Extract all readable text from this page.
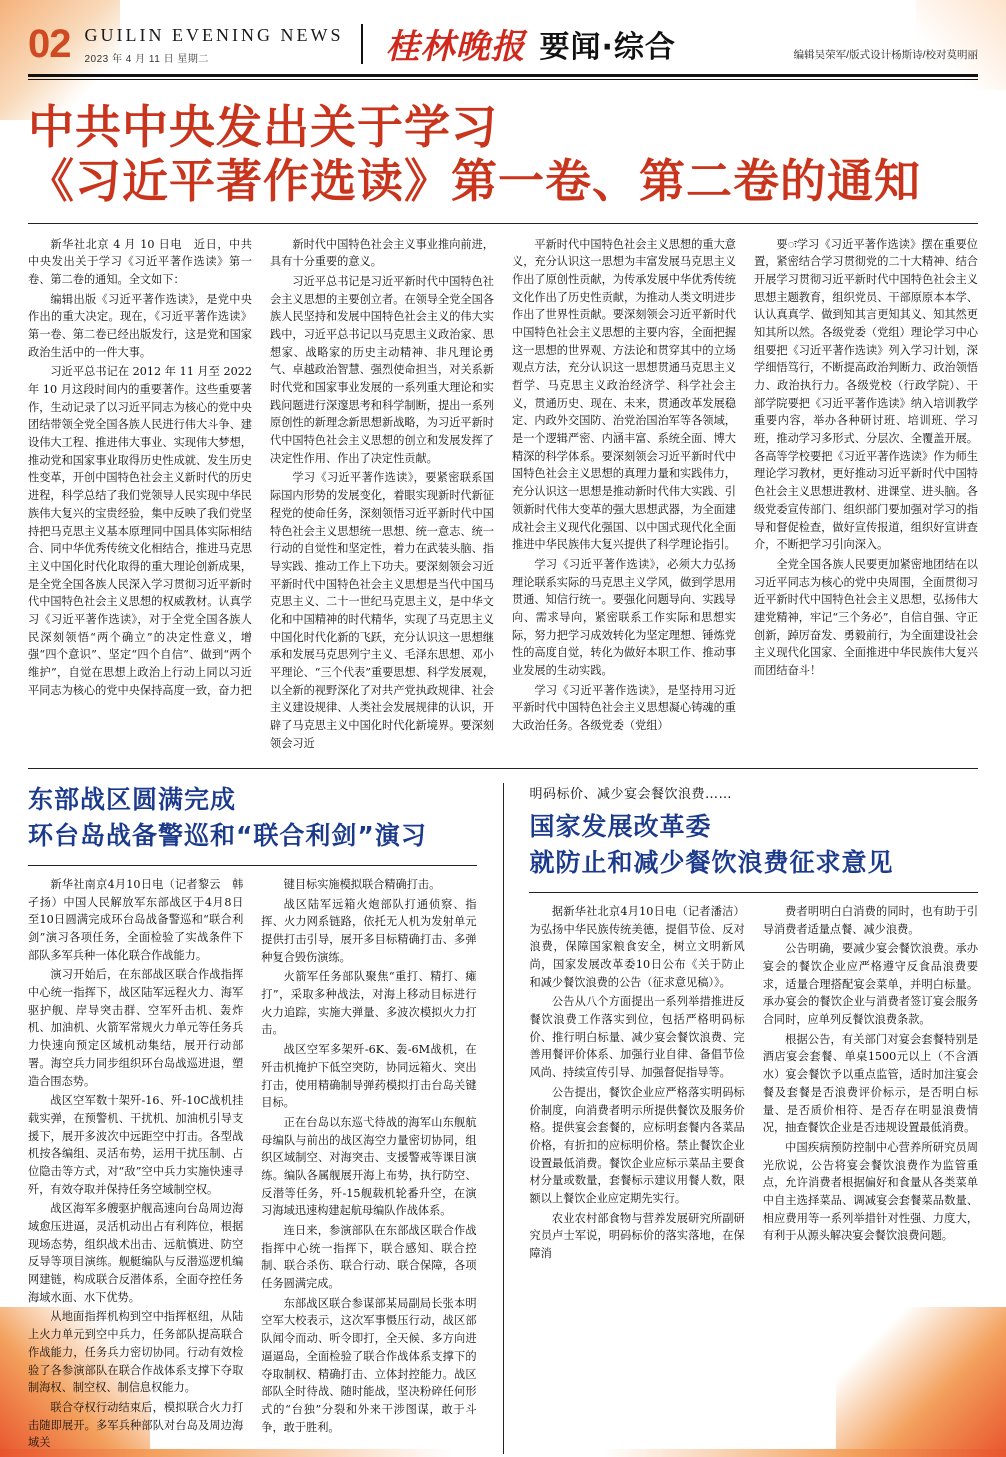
02 GUILIN EVENING NEWS
2023 年 4 月 11 日 星期二	桂林晚报 要闻·综合	编辑吴荣军/版式设计杨斯诗/校对莫明丽
中共中央发出关于学习
《习近平著作选读》第一卷、第二卷的通知

新华社北京 4 月 10 日电　近日，中共中央发出关于学习《习近平著作选读》第一卷、第二卷的通知。全文如下：

编辑出版《习近平著作选读》，是党中央作出的重大决定。现在，《习近平著作选读》第一卷、第二卷已经出版发行，这是党和国家政治生活中的一件大事。

习近平总书记在 2012 年 11 月至 2022 年 10 月这段时间内的重要著作。这些重要著作，生动记录了以习近平同志为核心的党中央团结带领全党全国各族人民进行伟大斗争、建设伟大工程、推进伟大事业、实现伟大梦想，推动党和国家事业取得历史性成就、发生历史性变革，开创中国特色社会主义新时代的历史进程，科学总结了我们党领导人民实现中华民族伟大复兴的宝贵经验，集中反映了我们党坚持把马克思主义基本原理同中国具体实际相结合、同中华优秀传统文化相结合，推进马克思主义中国化时代化取得的重大理论创新成果，是全党全国各族人民深入学习贯彻习近平新时代中国特色社会主义思想的权威教材。认真学习《习近平著作选读》，对于全党全国各族人民深刻领悟“两个确立”的决定性意义，增强“四个意识”、坚定“四个自信”、做到“两个维护”，自觉在思想上政治上行动上同以习近平同志为核心的党中央保持高度一致，奋力把

新时代中国特色社会主义事业推向前进，具有十分重要的意义。

习近平总书记是习近平新时代中国特色社会主义思想的主要创立者。在领导全党全国各族人民坚持和发展中国特色社会主义的伟大实践中，习近平总书记以马克思主义政治家、思想家、战略家的历史主动精神、非凡理论勇气、卓越政治智慧、强烈使命担当，对关系新时代党和国家事业发展的一系列重大理论和实践问题进行深邃思考和科学制断，提出一系列原创性的新理念新思想新战略，为习近平新时代中国特色社会主义思想的创立和发展发挥了决定性作用、作出了决定性贡献。

学习《习近平著作选读》，要紧密联系国际国内形势的发展变化，着眼实现新时代新征程党的使命任务，深刻领悟习近平新时代中国特色社会主义思想统一思想、统一意志、统一行动的自觉性和坚定性，着力在武装头脑、指导实践、推动工作上下功夫。要深刻领会习近平新时代中国特色社会主义思想是当代中国马克思主义、二十一世纪马克思主义，是中华文化和中国精神的时代精华，实现了马克思主义中国化时代化新的飞跃，充分认识这一思想继承和发展马克思列宁主义、毛泽东思想、邓小平理论、“三个代表”重要思想、科学发展观，以全新的视野深化了对共产党执政规律、社会主义建设规律、人类社会发展规律的认识，开辟了马克思主义中国化时代化新境界。要深刻领会习近

平新时代中国特色社会主义思想的重大意义，充分认识这一思想为丰富发展马克思主义作出了原创性贡献，为传承发展中华优秀传统文化作出了历史性贡献，为推动人类文明进步作出了世界性贡献。要深刻领会习近平新时代中国特色社会主义思想的主要内容，全面把握这一思想的世界观、方法论和贯穿其中的立场观点方法，充分认识这一思想贯通马克思主义哲学、马克思主义政治经济学、科学社会主义，贯通历史、现在、未来，贯通改革发展稳定、内政外交国防、治党治国治军等各领域，是一个逻辑严密、内涵丰富、系统全面、博大精深的科学体系。要深刻领会习近平新时代中国特色社会主义思想的真理力量和实践伟力，充分认识这一思想是推动新时代伟大实践、引领新时代伟大变革的强大思想武器，为全面建成社会主义现代化强国、以中国式现代化全面推进中华民族伟大复兴提供了科学理论指引。

学习《习近平著作选读》，必须大力弘扬理论联系实际的马克思主义学风，做到学思用贯通、知信行统一。要强化问题导向、实践导向、需求导向，紧密联系工作实际和思想实际，努力把学习成效转化为坚定理想、锤炼党性的高度自觉，转化为做好本职工作、推动事业发展的生动实践。

学习《习近平著作选读》，是坚持用习近平新时代中国特色社会主义思想凝心铸魂的重大政治任务。各级党委（党组）

要ः学习《习近平著作选读》摆在重要位置，紧密结合学习贯彻党的二十大精神、结合开展学习贯彻习近平新时代中国特色社会主义思想主题教育，组织党员、干部原原本本学、认认真真学、做到知其言更知其义、知其然更知其所以然。各级党委（党组）理论学习中心组要把《习近平著作选读》列入学习计划，深学细悟笃行，不断提高政治判断力、政治领悟力、政治执行力。各级党校（行政学院）、干部学院要把《习近平著作选读》纳入培训教学重要内容，举办各种研讨班、培训班、学习班，推动学习多形式、分层次、全覆盖开展。各高等学校要把《习近平著作选读》作为师生理论学习教材，更好推动习近平新时代中国特色社会主义思想进教材、进课堂、进头脑。各级党委宣传部门、组织部门要加强对学习的指导和督促检查，做好宣传报道，组织好宣讲查介，不断把学习引向深入。

全党全国各族人民要更加紧密地团结在以习近平同志为核心的党中央周围，全面贯彻习近平新时代中国特色社会主义思想，弘扬伟大建党精神，牢记“三个务必”，自信自强、守正创新，踔厉奋发、勇毅前行，为全面建设社会主义现代化国家、全面推进中华民族伟大复兴而团结奋斗！

东部战区圆满完成
环台岛战备警巡和“联合利剑”演习

新华社南京4月10日电（记者黎云　韩孑扬）中国人民解放军东部战区于4月8日至10日圆满完成环台岛战备警巡和“联合利剑”演习各项任务，全面检验了实战条件下部队多军兵种一体化联合作战能力。

演习开始后，在东部战区联合作战指挥中心统一指挥下，战区陆军远程火力、海军驱护舰、岸导突击群、空军歼击机、轰炸机、加油机、火箭军常规火力单元等任务兵力快速向预定区域机动集结，展开行动部署。海空兵力同步组织环台岛战巡进退，塑造合围态势。

战区空军数十架歼-16、歼-10C战机挂载实弹，在预警机、干扰机、加油机引导支援下，展开多波次中远距空中打击。各型战机按各编组、灵活布势，运用干扰压制、占位隐击等方式，对“敌”空中兵力实施快速寻歼，有效夺取并保持任务空域制空权。

战区海军多艘驱护舰高速向台岛周边海域愈压进逼，灵活机动出占有利阵位，根据现场态势，组织战术出击、远航慎进、防空反导等项目演练。舰艇编队与反潜巡逻机编网建链，构成联合反潜体系，全面夺控任务海域水面、水下优势。

从地面指挥机构到空中指挥枢纽，从陆上火力单元到空中兵力，任务部队提高联合作战能力，任务兵力密切协同。行动有效检验了各参演部队在联合作战体系支撑下夺取制海权、制空权、制信息权能力。

联合夺权行动结束后，模拟联合火力打击随即展开。多军兵种部队对台岛及周边海域关

键目标实施模拟联合精确打击。

战区陆军远箱火炮部队打通侦察、指挥、火力网系链路，依托无人机为发射单元提供打击引导，展开多目标精确打击、多弹种复合毁伤演练。

火箭军任务部队聚焦“重打、精打、瘫打”，采取多种战法，对海上移动目标进行火力追踪，实施大弹量、多波次模拟火力打击。

战区空军多架歼-6K、轰-6M战机，在歼击机掩护下低空突防，协同远箱火、突出打击，使用精确制导弹药模拟打击台岛关键目标。

正在台岛以东巡弋待战的海军山东舰航母编队与前出的战区海空力量密切协同，组织区域制空、对海突击、支援警戒等课目演练。编队各属舰展开海上布势，执行防空、反潜等任务，歼-15舰载机轮番升空，在演习海域迅速构建起航母编队作战体系。

连日来，参演部队在东部战区联合作战指挥中心统一指挥下，联合感知、联合控制、联合杀伤、联合行动、联合保障，各项任务圆满完成。

东部战区联合参谋部某局副局长张本明空军大校表示，这次军事慑压行动，战区部队闻令而动、听令即打，全天候、多方向进逼逼岛，全面检验了联合作战体系支撑下的夺取制权、精确打击、立体封控能力。战区部队全时待战、随时能战，坚决粉碎任何形式的“台独”分裂和外来干涉图谋，敢于斗争，敢于胜利。

明码标价、减少宴会餐饮浪费……
国家发展改革委
就防止和减少餐饮浪费征求意见

据新华社北京4月10日电（记者潘洁）为弘扬中华民族传统美德，提倡节俭、反对浪费，保障国家粮食安全，树立文明新风尚，国家发展改革委10日公布《关于防止和减少餐饮浪费的公告（征求意见稿）》。

公告从八个方面提出一系列举措推进反餐饮浪费工作落实到位，包括严格明码标价、推行明白标量、减少宴会餐饮浪费、完善用餐评价体系、加强行业自律、备倡节俭风尚、持续宣传引导、加强督促指导等。

公告提出，餐饮企业应严格落实明码标价制度，向消费者明示所提供餐饮及服务价格。提供宴会套餐的，应标明套餐内各菜品价格，有折扣的应标明价格。禁止餐饮企业设置最低消费。餐饮企业应标示菜品主要食材分量或数量，套餐标示建议用餐人数，限额以上餐饮企业应定期先实行。

农业农村部食物与营养发展研究所副研究员卢士军说，明码标价的落实落地，在保障消

费者明明白白消费的同时，也有助于引导消费者适量点餐、减少浪费。

公告明确，要减少宴会餐饮浪费。承办宴会的餐饮企业应严格遵守反食品浪费要求，适量合理搭配宴会菜单，并明白标量。承办宴会的餐饮企业与消费者签订宴会服务合同时，应单列反餐饮浪费条款。

根据公告，有关部门对宴会套餐特别是酒店宴会套餐、单桌1500元以上（不含酒水）宴会餐饮予以重点监管，适时加注宴会餐及套餐是否浪费评价标示，是否明白标量、是否质价相符、是否存在明显浪费情况，抽查餐饮企业是否违规设置最低消费。

中国疾病预防控制中心营养所研究员周光欣说，公告将宴会餐饮浪费作为监管重点，允许消费者根据偏好和食量从各类菜单中自主选择菜品、调减宴会套餐菜品数量、相应费用等一系列举措针对性强、力度大，有利于从源头解决宴会餐饮浪费问题。
